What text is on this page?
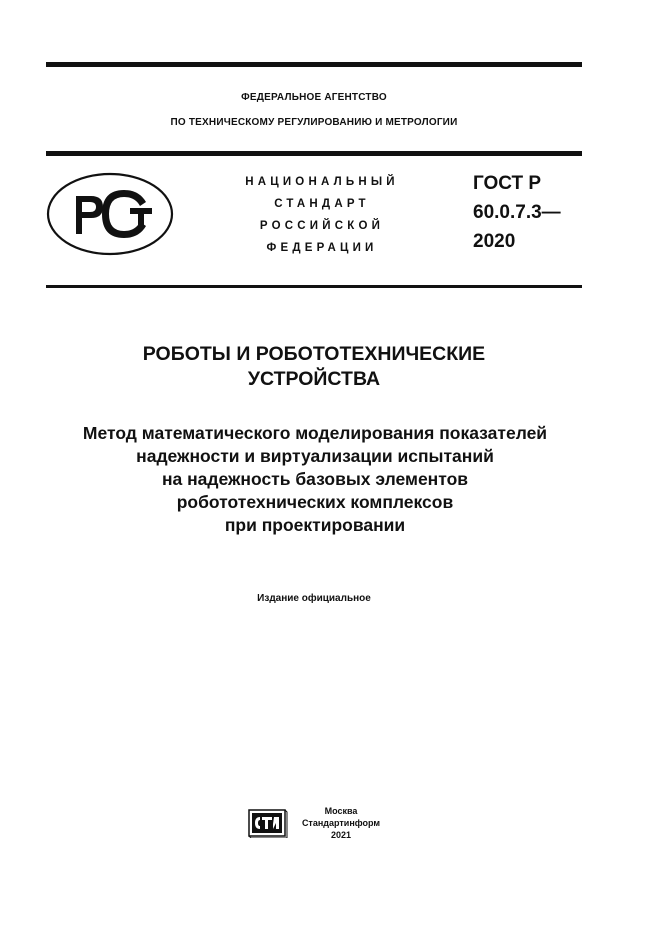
ФЕДЕРАЛЬНОЕ АГЕНТСТВО
ПО ТЕХНИЧЕСКОМУ РЕГУЛИРОВАНИЮ И МЕТРОЛОГИИ
НАЦИОНАЛЬНЫЙ
СТАНДАРТ
РОССИЙСКОЙ
ФЕДЕРАЦИИ
ГОСТ Р
60.0.7.3—
2020
РОБОТЫ И РОБОТОТЕХНИЧЕСКИЕ
УСТРОЙСТВА
Метод математического моделирования показателей
надежности и виртуализации испытаний
на надежность базовых элементов
робототехнических комплексов
при проектировании
Издание официальное
Москва
Стандартинформ
2021
